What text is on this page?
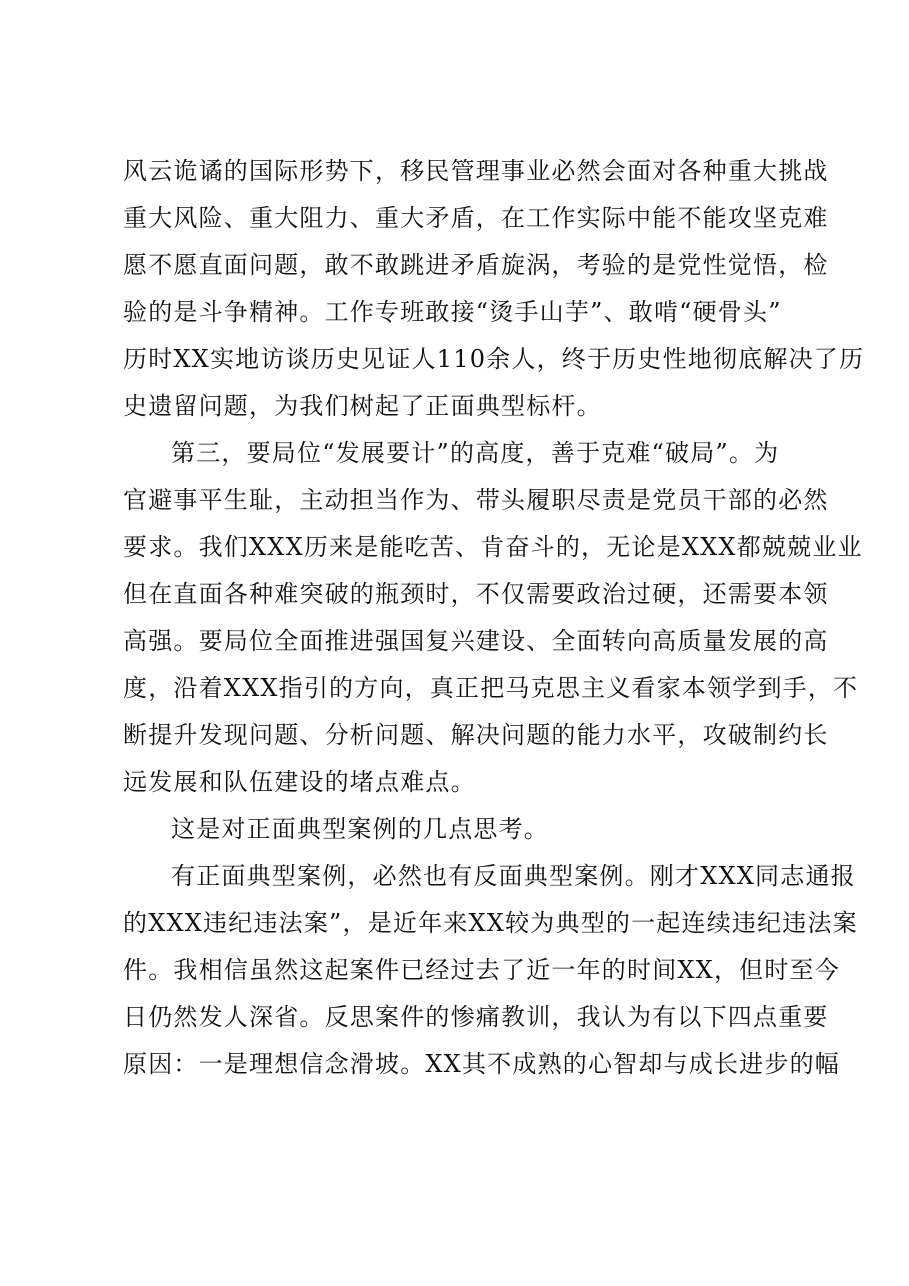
风云诡谲的国际形势下，移民管理事业必然会面对各种重大挑战
重大风险、重大阻力、重大矛盾，在工作实际中能不能攻坚克难
愿不愿直面问题，敢不敢跳进矛盾旋涡，考验的是党性觉悟，检
验的是斗争精神。工作专班敢接“烫手山芋”、敢啃“硬骨头”
历时XX实地访谈历史见证人110余人，终于历史性地彻底解决了历
史遗留问题，为我们树起了正面典型标杆。
第三，要局位“发展要计”的高度，善于克难“破局”。为
官避事平生耻，主动担当作为、带头履职尽责是党员干部的必然
要求。我们XXX历来是能吃苦、肯奋斗的，无论是XXX都兢兢业业
但在直面各种难突破的瓶颈时，不仅需要政治过硬，还需要本领
高强。要局位全面推进强国复兴建设、全面转向高质量发展的高
度，沿着XXX指引的方向，真正把马克思主义看家本领学到手，不
断提升发现问题、分析问题、解决问题的能力水平，攻破制约长
远发展和队伍建设的堵点难点。
这是对正面典型案例的几点思考。
有正面典型案例，必然也有反面典型案例。刚才XXX同志通报
的XXX违纪违法案”，是近年来XX较为典型的一起连续违纪违法案
件。我相信虽然这起案件已经过去了近一年的时间XX，但时至今
日仍然发人深省。反思案件的惨痛教训，我认为有以下四点重要
原因：一是理想信念滑坡。XX其不成熟的心智却与成长进步的幅
